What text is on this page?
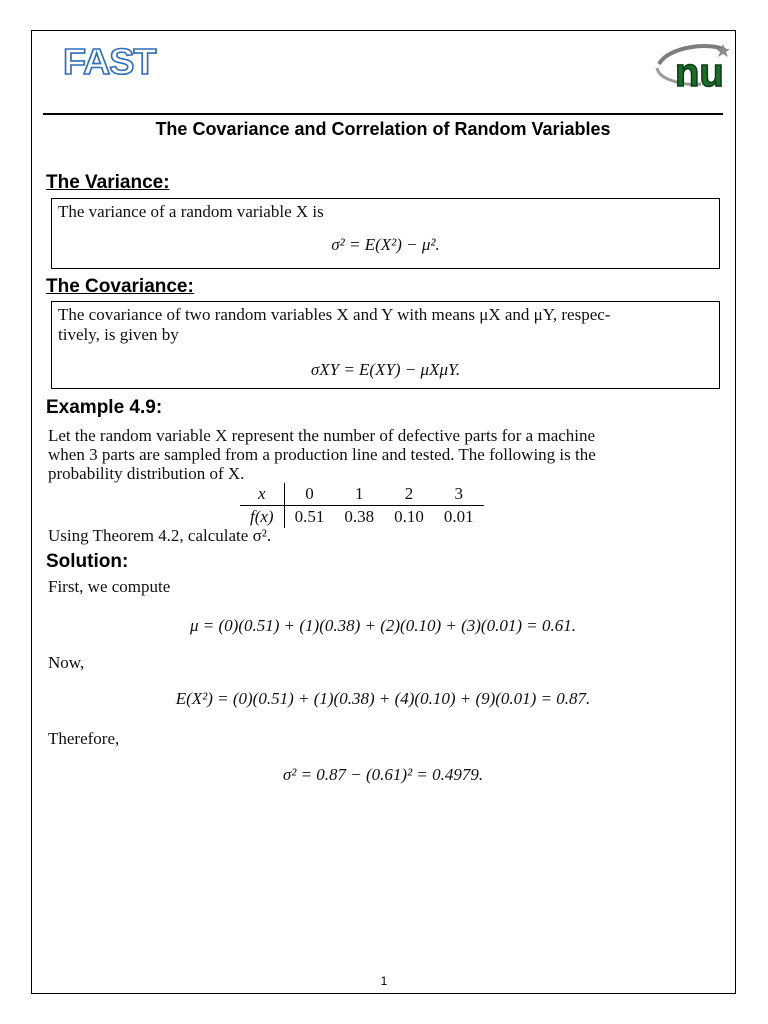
FAST	nu
The Covariance and Correlation of Random Variables
The Variance:
The variance of a random variable X is
σ² = E(X²) − μ².
The Covariance:
The covariance of two random variables X and Y with means μX and μY, respec-
tively, is given by
σXY = E(XY) − μXμY.
Example 4.9:
Let the random variable X represent the number of defective parts for a machine
when 3 parts are sampled from a production line and tested. The following is the
probability distribution of X.
x	0	1	2	3
f(x)	0.51	0.38	0.10	0.01
Using Theorem 4.2, calculate σ².
Solution:
First, we compute
μ = (0)(0.51) + (1)(0.38) + (2)(0.10) + (3)(0.01) = 0.61.
Now,
E(X²) = (0)(0.51) + (1)(0.38) + (4)(0.10) + (9)(0.01) = 0.87.
Therefore,
σ² = 0.87 − (0.61)² = 0.4979.
1
